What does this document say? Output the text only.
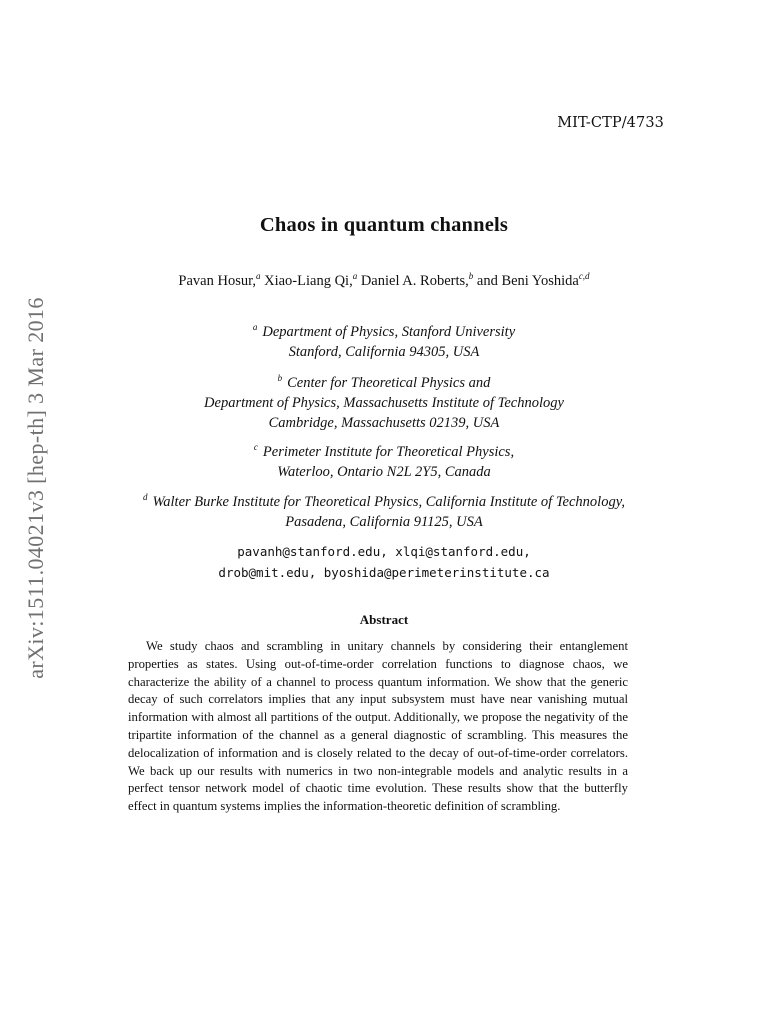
MIT-CTP/4733
arXiv:1511.04021v3 [hep-th] 3 Mar 2016
Chaos in quantum channels
Pavan Hosur,$^a$ Xiao-Liang Qi,$^a$ Daniel A. Roberts,$^b$ and Beni Yoshida$^{c,d}$
$^a$ Department of Physics, Stanford University
Stanford, California 94305, USA
$^b$ Center for Theoretical Physics and
Department of Physics, Massachusetts Institute of Technology
Cambridge, Massachusetts 02139, USA
$^c$ Perimeter Institute for Theoretical Physics,
Waterloo, Ontario N2L 2Y5, Canada
$^d$ Walter Burke Institute for Theoretical Physics, California Institute of Technology,
Pasadena, California 91125, USA
pavanh@stanford.edu, xlqi@stanford.edu,
drob@mit.edu, byoshida@perimeterinstitute.ca
Abstract
We study chaos and scrambling in unitary channels by considering their entanglement properties as states. Using out-of-time-order correlation functions to diagnose chaos, we characterize the ability of a channel to process quantum information. We show that the generic decay of such correlators implies that any input subsystem must have near vanishing mutual information with almost all partitions of the output. Additionally, we propose the negativity of the tripartite information of the channel as a general diagnostic of scrambling. This measures the delocalization of information and is closely related to the decay of out-of-time-order correlators. We back up our results with numerics in two non-integrable models and analytic results in a perfect tensor network model of chaotic time evolution. These results show that the butterfly effect in quantum systems implies the information-theoretic definition of scrambling.
